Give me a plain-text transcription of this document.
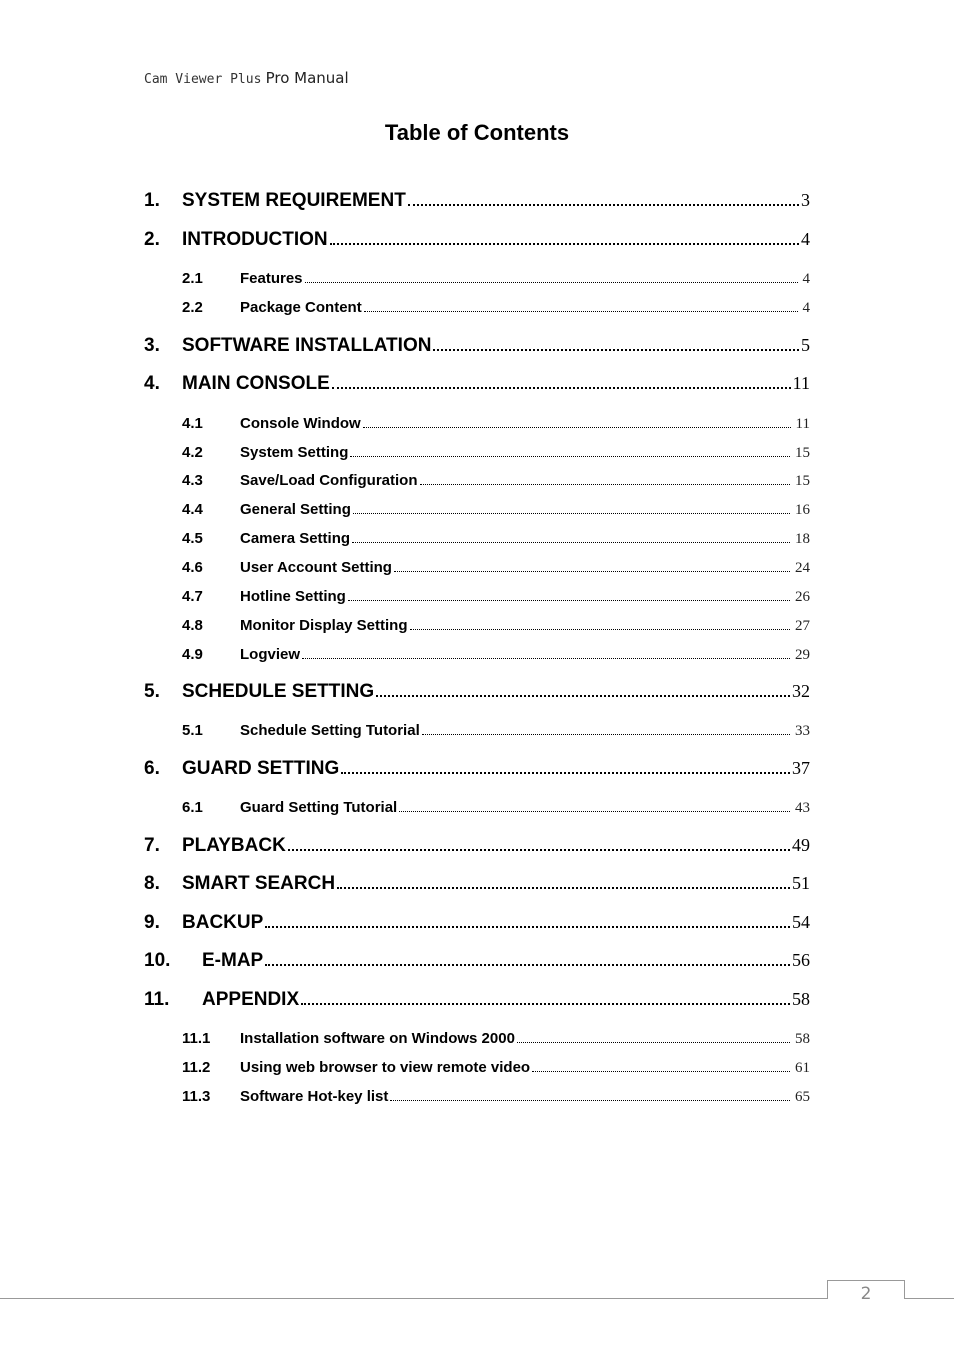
Cam Viewer Plus Pro Manual
Table of Contents
1.	SYSTEM REQUIREMENT	3
2.	INTRODUCTION	4
2.1	Features	4
2.2	Package Content	4
3.	SOFTWARE INSTALLATION	5
4.	MAIN CONSOLE	11
4.1	Console Window	11
4.2	System Setting	15
4.3	Save/Load Configuration	15
4.4	General Setting	16
4.5	Camera Setting	18
4.6	User Account Setting	24
4.7	Hotline Setting	26
4.8	Monitor Display Setting	27
4.9	Logview	29
5.	SCHEDULE SETTING	32
5.1	Schedule Setting Tutorial	33
6.	GUARD SETTING	37
6.1	Guard Setting Tutorial	43
7.	PLAYBACK	49
8.	SMART SEARCH	51
9.	BACKUP	54
10.	E-MAP	56
11.	APPENDIX	58
11.1	Installation software on Windows 2000	58
11.2	Using web browser to view remote video	61
11.3	Software Hot-key list	65
2
